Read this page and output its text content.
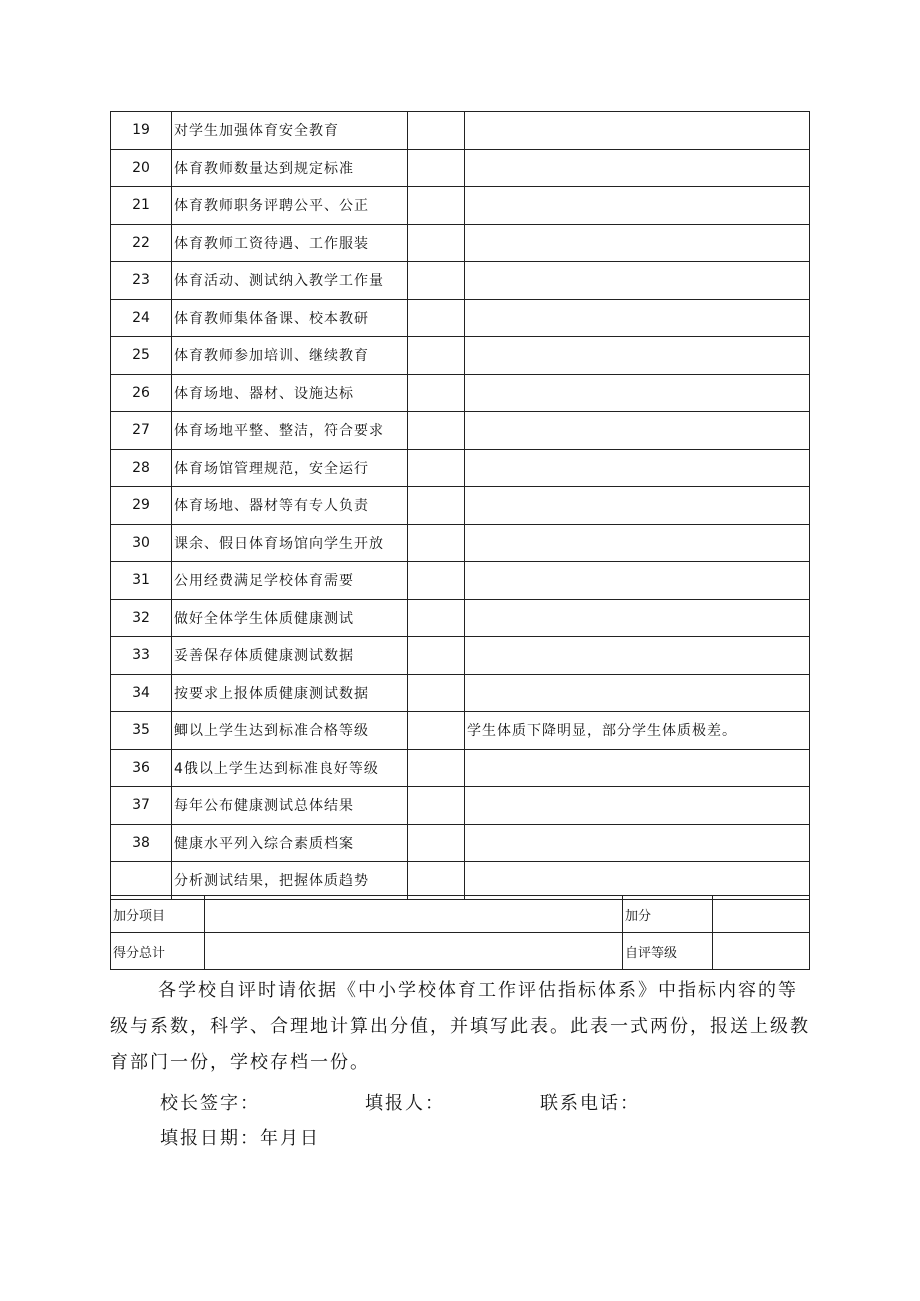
19	对学生加强体育安全教育		
20	体育教师数量达到规定标准		
21	体育教师职务评聘公平、公正		
22	体育教师工资待遇、工作服装		
23	体育活动、测试纳入教学工作量		
24	体育教师集体备课、校本教研		
25	体育教师参加培训、继续教育		
26	体育场地、器材、设施达标		
27	体育场地平整、整洁，符合要求		
28	体育场馆管理规范，安全运行		
29	体育场地、器材等有专人负责		
30	课余、假日体育场馆向学生开放		
31	公用经费满足学校体育需要		
32	做好全体学生体质健康测试		
33	妥善保存体质健康测试数据		
34	按要求上报体质健康测试数据		
35	鲫以上学生达到标准合格等级		学生体质下降明显，部分学生体质极差。
36	4俄以上学生达到标准良好等级		
37	每年公布健康测试总体结果		
38	健康水平列入综合素质档案		
	分析测试结果，把握体质趋势		
加分项目		加分	
得分总计		自评等级	
各学校自评时请依据《中小学校体育工作评估指标体系》中指标内容的等级与系数，科学、合理地计算出分值，并填写此表。此表一式两份，报送上级教育部门一份，学校存档一份。
校长签字：	填报人：	联系电话：
填报日期：年月日
